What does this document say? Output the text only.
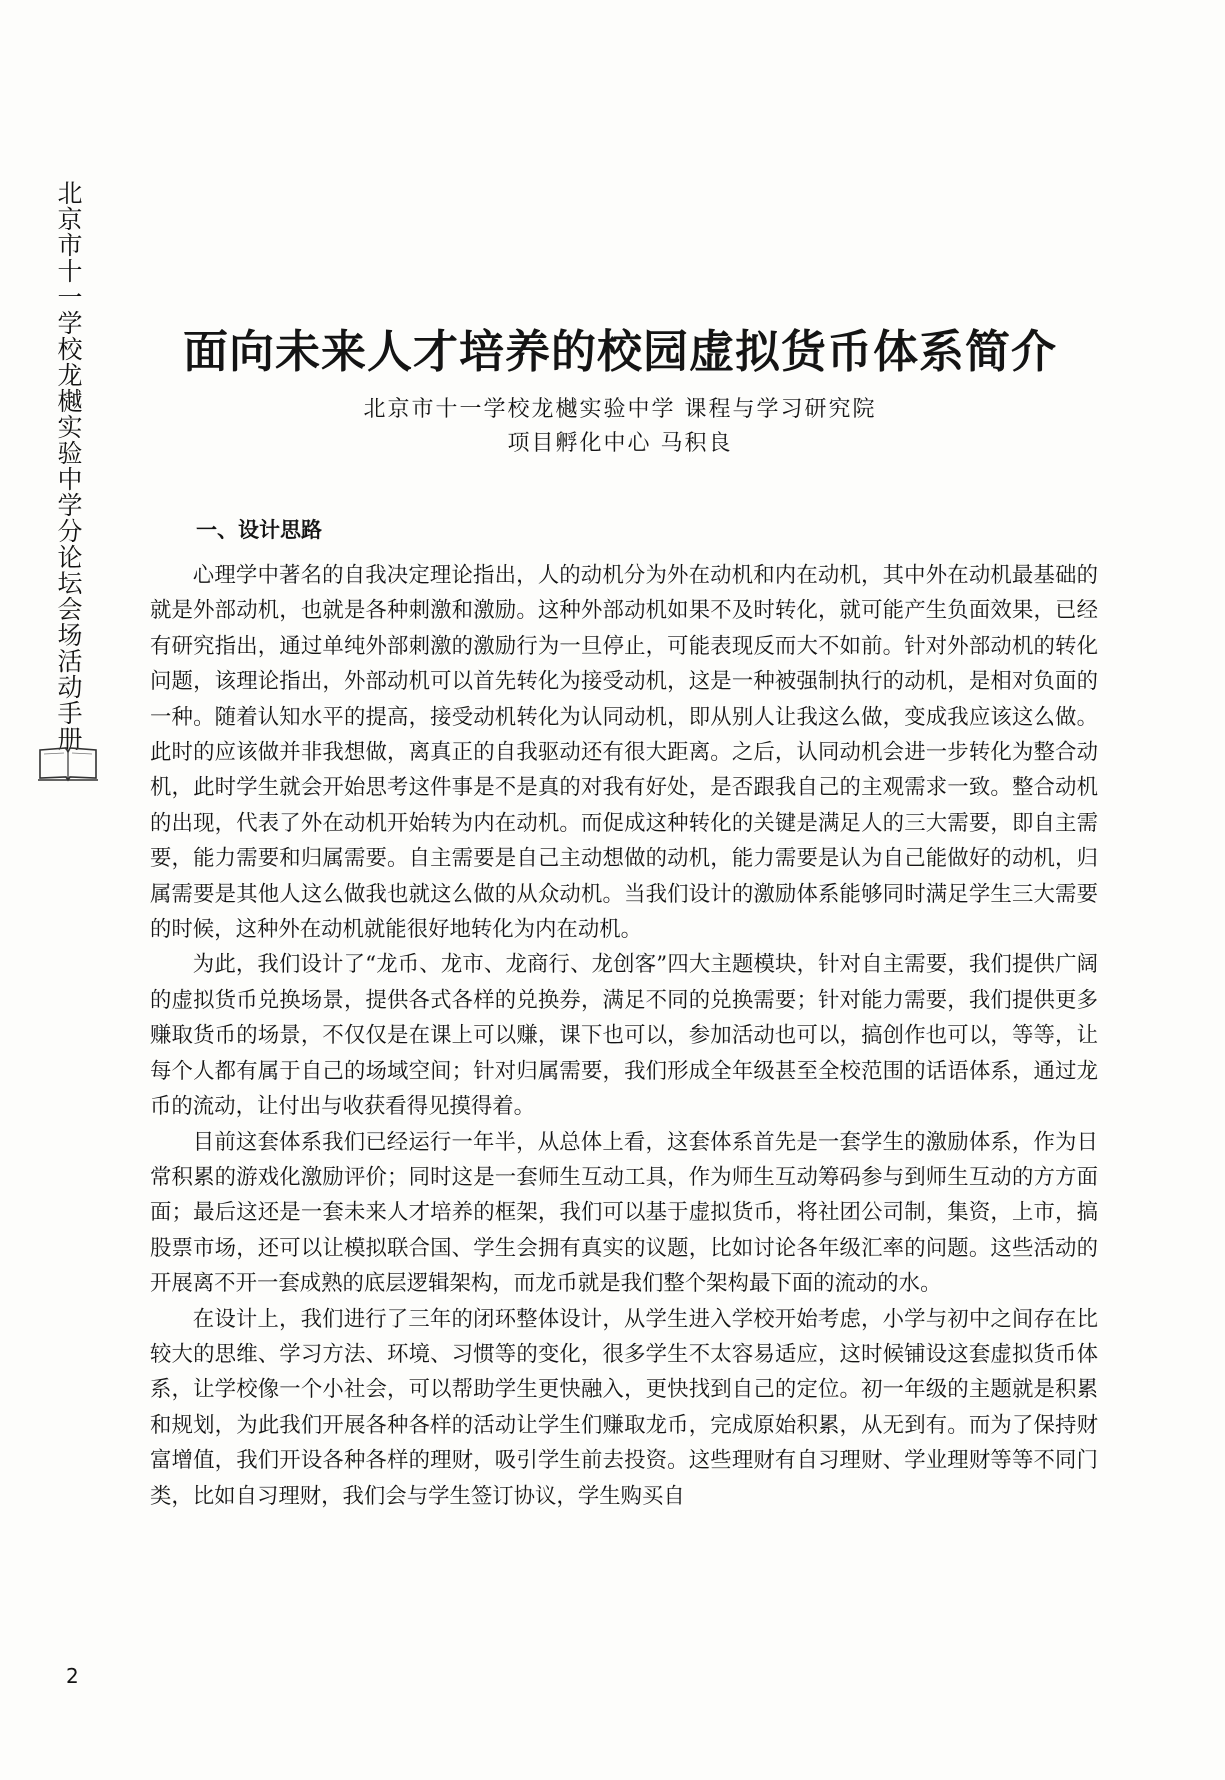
北京市十一学校龙樾实验中学分论坛会场活动手册	面向未来人才培养的校园虚拟货币体系简介

北京市十一学校龙樾实验中学 课程与学习研究院

项目孵化中心 马积良

一、设计思路

心理学中著名的自我决定理论指出，人的动机分为外在动机和内在动机，其中外在动机最基础的就是外部动机，也就是各种刺激和激励。这种外部动机如果不及时转化，就可能产生负面效果，已经有研究指出，通过单纯外部刺激的激励行为一旦停止，可能表现反而大不如前。针对外部动机的转化问题，该理论指出，外部动机可以首先转化为接受动机，这是一种被强制执行的动机，是相对负面的一种。随着认知水平的提高，接受动机转化为认同动机，即从别人让我这么做，变成我应该这么做。此时的应该做并非我想做，离真正的自我驱动还有很大距离。之后，认同动机会进一步转化为整合动机，此时学生就会开始思考这件事是不是真的对我有好处，是否跟我自己的主观需求一致。整合动机的出现，代表了外在动机开始转为内在动机。而促成这种转化的关键是满足人的三大需要，即自主需要，能力需要和归属需要。自主需要是自己主动想做的动机，能力需要是认为自己能做好的动机，归属需要是其他人这么做我也就这么做的从众动机。当我们设计的激励体系能够同时满足学生三大需要的时候，这种外在动机就能很好地转化为内在动机。

为此，我们设计了“龙币、龙市、龙商行、龙创客”四大主题模块，针对自主需要，我们提供广阔的虚拟货币兑换场景，提供各式各样的兑换券，满足不同的兑换需要；针对能力需要，我们提供更多赚取货币的场景，不仅仅是在课上可以赚，课下也可以，参加活动也可以，搞创作也可以，等等，让每个人都有属于自己的场域空间；针对归属需要，我们形成全年级甚至全校范围的话语体系，通过龙币的流动，让付出与收获看得见摸得着。

目前这套体系我们已经运行一年半，从总体上看，这套体系首先是一套学生的激励体系，作为日常积累的游戏化激励评价；同时这是一套师生互动工具，作为师生互动筹码参与到师生互动的方方面面；最后这还是一套未来人才培养的框架，我们可以基于虚拟货币，将社团公司制，集资，上市，搞股票市场，还可以让模拟联合国、学生会拥有真实的议题，比如讨论各年级汇率的问题。这些活动的开展离不开一套成熟的底层逻辑架构，而龙币就是我们整个架构最下面的流动的水。

在设计上，我们进行了三年的闭环整体设计，从学生进入学校开始考虑，小学与初中之间存在比较大的思维、学习方法、环境、习惯等的变化，很多学生不太容易适应，这时候铺设这套虚拟货币体系，让学校像一个小社会，可以帮助学生更快融入，更快找到自己的定位。初一年级的主题就是积累和规划，为此我们开展各种各样的活动让学生们赚取龙币，完成原始积累，从无到有。而为了保持财富增值，我们开设各种各样的理财，吸引学生前去投资。这些理财有自习理财、学业理财等等不同门类，比如自习理财，我们会与学生签订协议，学生购买自

2
